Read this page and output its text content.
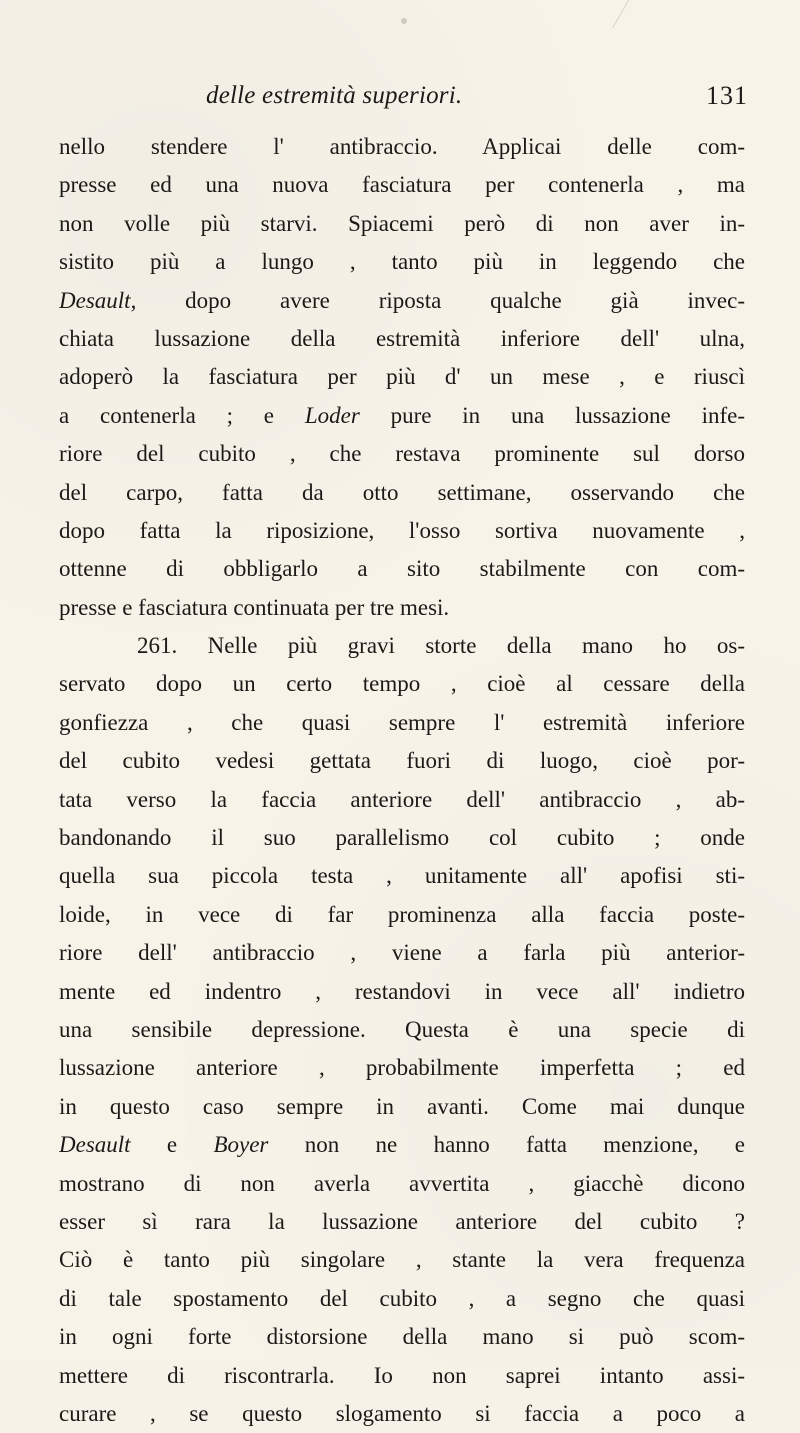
delle estremità superiori.	131
nello stendere l' antibraccio. Applicai delle com-
presse ed una nuova fasciatura per contenerla , ma
non volle più starvi. Spiacemi però di non aver in-
sistito più a lungo , tanto più in leggendo che
Desault, dopo avere riposta qualche già invec-
chiata lussazione della estremità inferiore dell' ulna,
adoperò la fasciatura per più d' un mese , e riuscì
a contenerla ; e Loder pure in una lussazione infe-
riore del cubito , che restava prominente sul dorso
del carpo, fatta da otto settimane, osservando che
dopo fatta la riposizione, l'osso sortiva nuovamente ,
ottenne di obbligarlo a sito stabilmente con com-
presse e fasciatura continuata per tre mesi.
261. Nelle più gravi storte della mano ho os-
servato dopo un certo tempo , cioè al cessare della
gonfiezza , che quasi sempre l' estremità inferiore
del cubito vedesi gettata fuori di luogo, cioè por-
tata verso la faccia anteriore dell' antibraccio , ab-
bandonando il suo parallelismo col cubito ; onde
quella sua piccola testa , unitamente all' apofisi sti-
loide, in vece di far prominenza alla faccia poste-
riore dell' antibraccio , viene a farla più anterior-
mente ed indentro , restandovi in vece all' indietro
una sensibile depressione. Questa è una specie di
lussazione anteriore , probabilmente imperfetta ; ed
in questo caso sempre in avanti. Come mai dunque
Desault e Boyer non ne hanno fatta menzione, e
mostrano di non averla avvertita , giacchè dicono
esser sì rara la lussazione anteriore del cubito ?
Ciò è tanto più singolare , stante la vera frequenza
di tale spostamento del cubito , a segno che quasi
in ogni forte distorsione della mano si può scom-
mettere di riscontrarla. Io non saprei intanto assi-
curare , se questo slogamento si faccia a poco a
